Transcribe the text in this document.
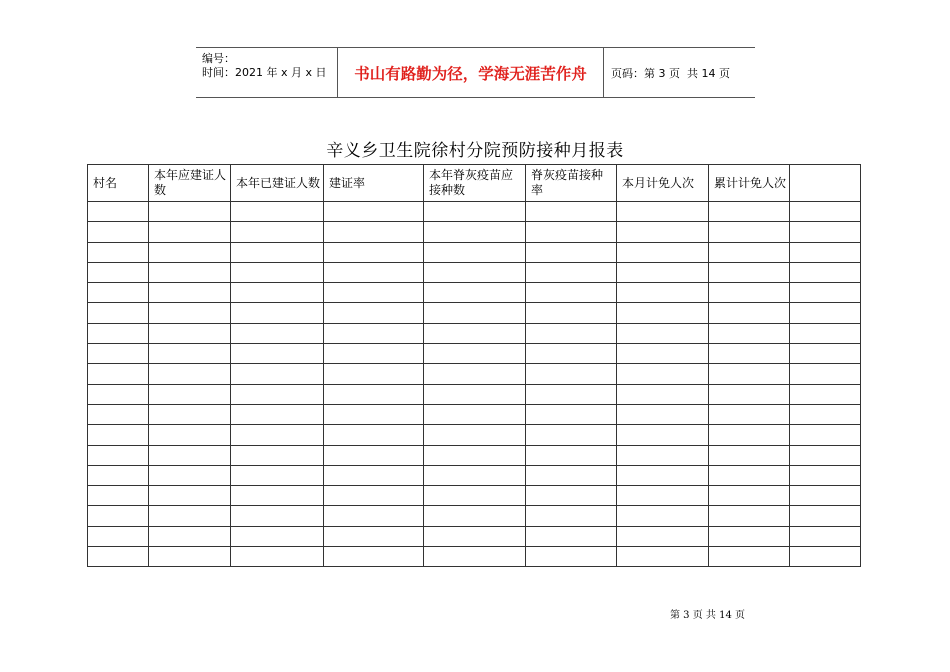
编号：
时间：2021 年 x 月 x 日	书山有路勤为径，学海无涯苦作舟	页码：第 3 页  共 14 页
辛义乡卫生院徐村分院预防接种月报表
村名	本年应建证人数	本年已建证人数	建证率	本年脊灰疫苗应接种数	脊灰疫苗接种率	本月计免人次	累计计免人次	

第 3 页 共 14 页
